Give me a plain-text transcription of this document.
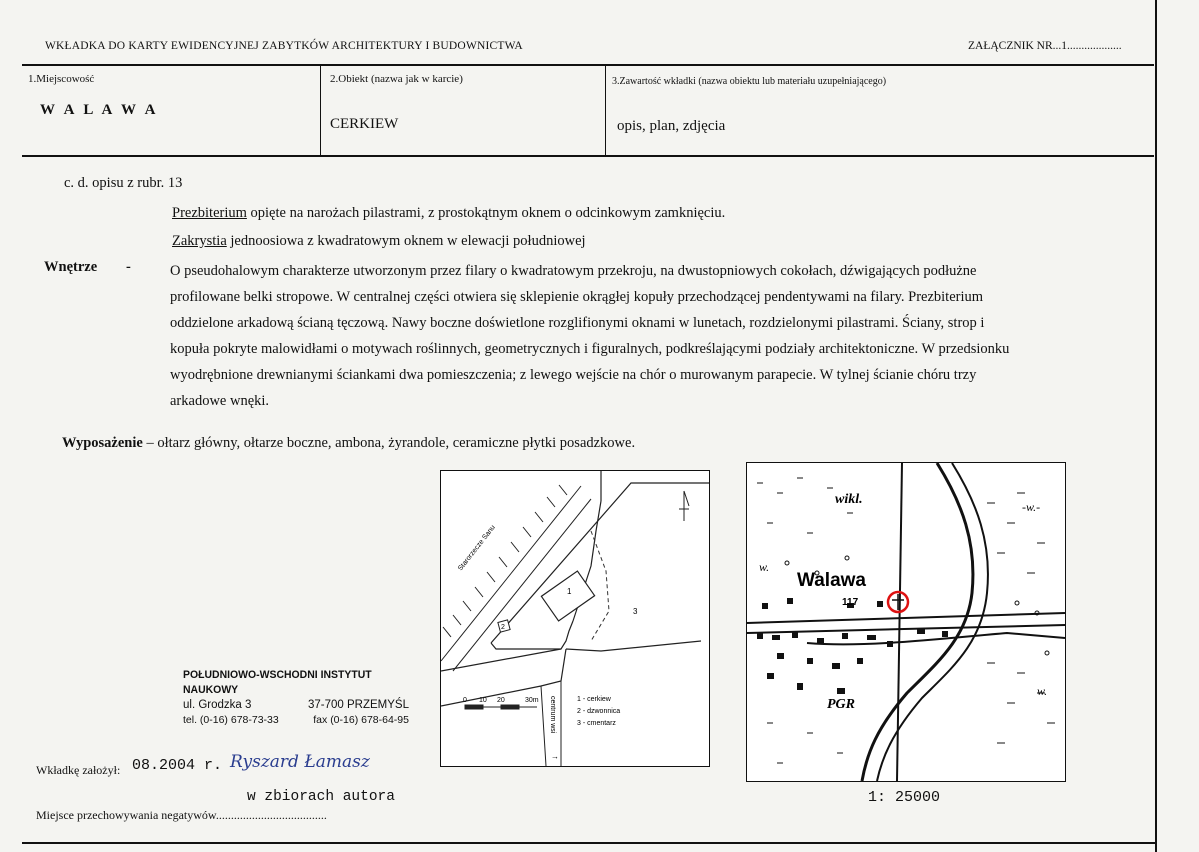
WKŁADKA DO KARTY EWIDENCYJNEJ ZABYTKÓW ARCHITEKTURY I BUDOWNICTWA	ZAŁĄCZNIK NR...1...................
1.Miejscowość
W A L A W A
2.Obiekt (nazwa jak w karcie)
CERKIEW
3.Zawartość wkładki (nazwa obiektu lub materiału uzupełniającego)
opis, plan, zdjęcia
c. d. opisu z rubr. 13
Prezbiterium opięte na narożach pilastrami, z prostokątnym oknem o odcinkowym zamknięciu.
Zakrystia jednoosiowa z kwadratowym oknem w elewacji południowej
Wnętrze -	O pseudohalowym charakterze utworzonym przez filary o kwadratowym przekroju, na dwustopniowych cokołach, dźwigających podłużne
profilowane belki stropowe. W centralnej części otwiera się sklepienie okrągłej kopuły przechodzącej pendentywami na filary. Prezbiterium
oddzielone arkadową ścianą tęczową. Nawy boczne doświetlone rozglifionymi oknami w lunetach, rozdzielonymi pilastrami. Ściany, strop i
kopuła pokryte malowidłami o motywach roślinnych, geometrycznych i figuralnych, podkreślającymi podziały architektoniczne. W przedsionku
wyodrębnione drewnianymi ściankami dwa pomieszczenia; z lewego wejście na chór o murowanym parapecie. W tylnej ścianie chóru trzy
arkadowe wnęki.
Wyposażenie – ołtarz główny, ołtarze boczne, ambona, żyrandole, ceramiczne płytki posadzkowe.
POŁUDNIOWO-WSCHODNI INSTYTUT NAUKOWY
ul. Grodzka 3	37-700 PRZEMYŚL
tel. (0-16) 678-73-33	fax (0-16) 678-64-95
1
2
3
Starorzecze Sanu
centrum wsi
→
0 10 20	30m	1 - cerkiew
2 - dzwonnica
3 - cmentarz
Walawa
117
wikl.
PGR
w.
-w.-
w.
1: 25000
Wkładkę założył: 08.2004 r. Ryszard Łamasz
w zbiorach autora
Miejsce przechowywania negatywów.....................................
